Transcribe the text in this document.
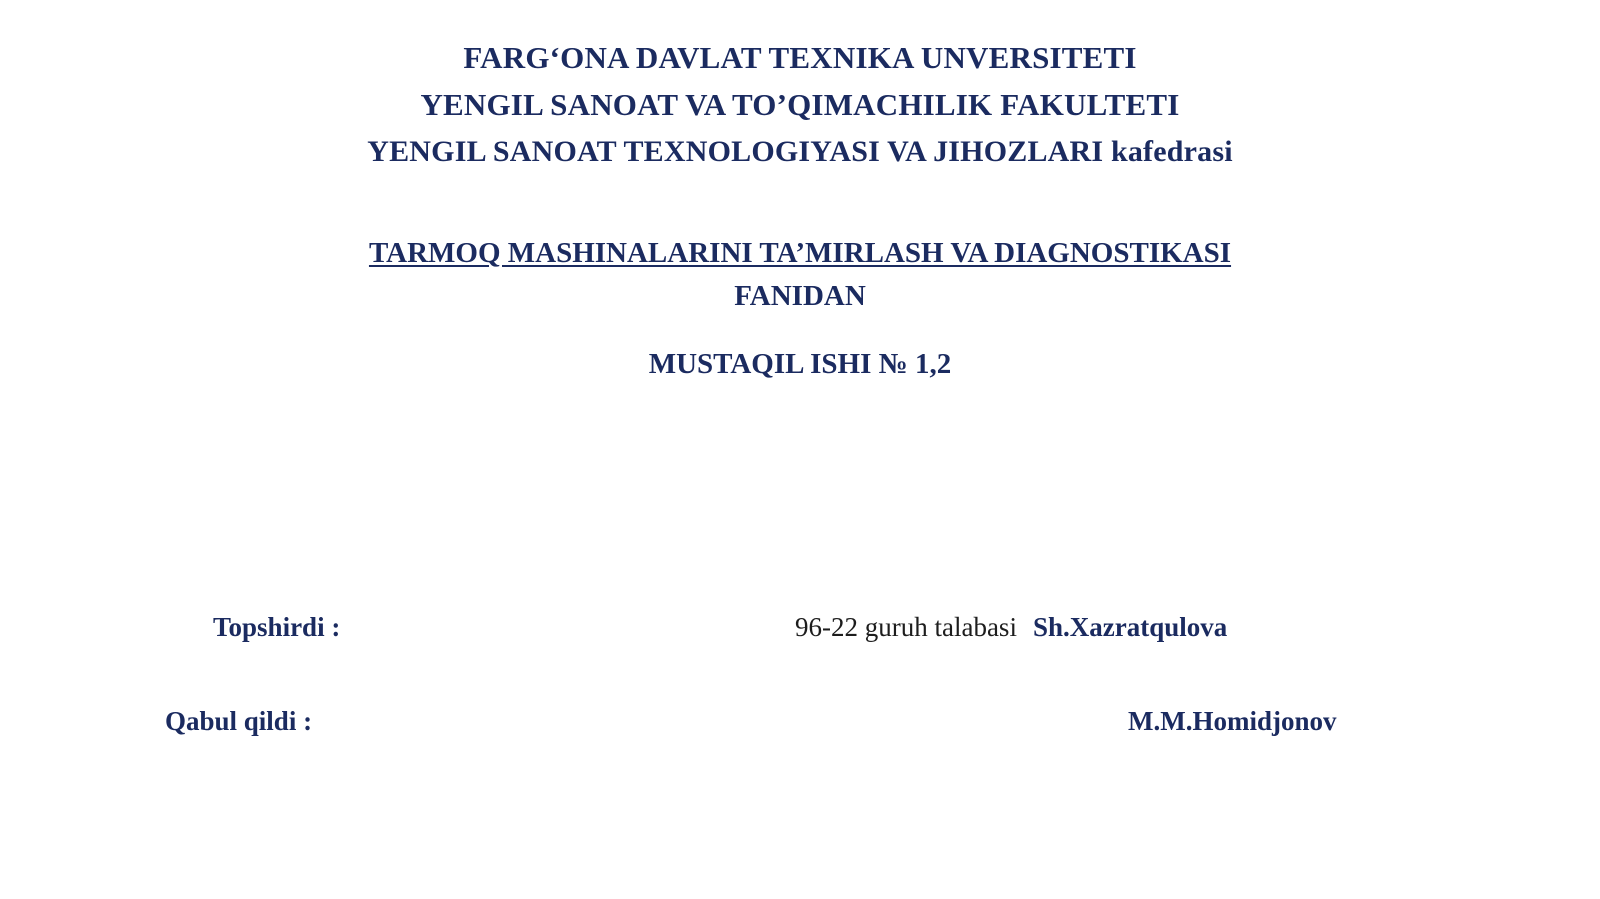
FARG‘ONA DAVLAT TEXNIKA UNVERSITETI
YENGIL SANOAT VA TO’QIMACHILIK FAKULTETI
YENGIL SANOAT TEXNOLOGIYASI VA JIHOZLARI kafedrasi
TARMOQ MASHINALARINI TA’MIRLASH VA DIAGNOSTIKASI
FANIDAN
MUSTAQIL ISHI № 1,2
Topshirdi :	96-22 guruh talabasi Sh.Xazratqulova
Qabul qildi :	M.M.Homidjonov
